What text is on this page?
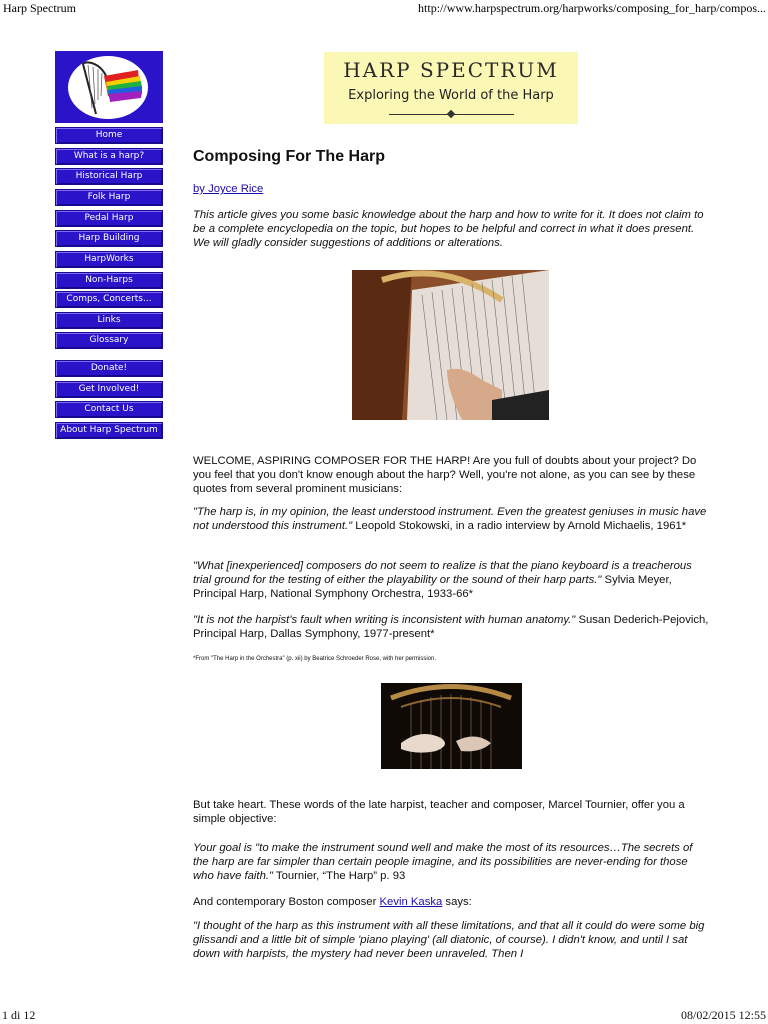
Harp Spectrum	http://www.harpspectrum.org/harpworks/composing_for_harp/compos...
Home
What is a harp?
Historical Harp
Folk Harp
Pedal Harp
Harp Building
HarpWorks
Non-Harps
Comps, Concerts...
Links
Glossary
Donate!
Get Involved!
Contact Us
About Harp Spectrum
HARP SPECTRUM
Exploring the World of the Harp
Composing For The Harp
by Joyce Rice

This article gives you some basic knowledge about the harp and how to write for it. It does not claim to be a complete encyclopedia on the topic, but hopes to be helpful and correct in what it does present. We will gladly consider suggestions of additions or alterations.

WELCOME, ASPIRING COMPOSER FOR THE HARP! Are you full of doubts about your project? Do you feel that you don't know enough about the harp? Well, you're not alone, as you can see by these quotes from several prominent musicians:

"The harp is, in my opinion, the least understood instrument. Even the greatest geniuses in music have not understood this instrument." Leopold Stokowski, in a radio interview by Arnold Michaelis, 1961*

"What [inexperienced] composers do not seem to realize is that the piano keyboard is a treacherous trial ground for the testing of either the playability or the sound of their harp parts." Sylvia Meyer, Principal Harp, National Symphony Orchestra, 1933-66*

"It is not the harpist's fault when writing is inconsistent with human anatomy." Susan Dederich-Pejovich, Principal Harp, Dallas Symphony, 1977-present*

*From "The Harp in the Orchestra" (p. xii) by Beatrice Schroeder Rose, with her permission.

But take heart. These words of the late harpist, teacher and composer, Marcel Tournier, offer you a simple objective:

Your goal is "to make the instrument sound well and make the most of its resources…The secrets of the harp are far simpler than certain people imagine, and its possibilities are never-ending for those who have faith." Tournier, “The Harp” p. 93

And contemporary Boston composer Kevin Kaska says:

"I thought of the harp as this instrument with all these limitations, and that all it could do were some big glissandi and a little bit of simple 'piano playing' (all diatonic, of course). I didn't know, and until I sat down with harpists, the mystery had never been unraveled. Then I

1 di 12	08/02/2015 12:55
